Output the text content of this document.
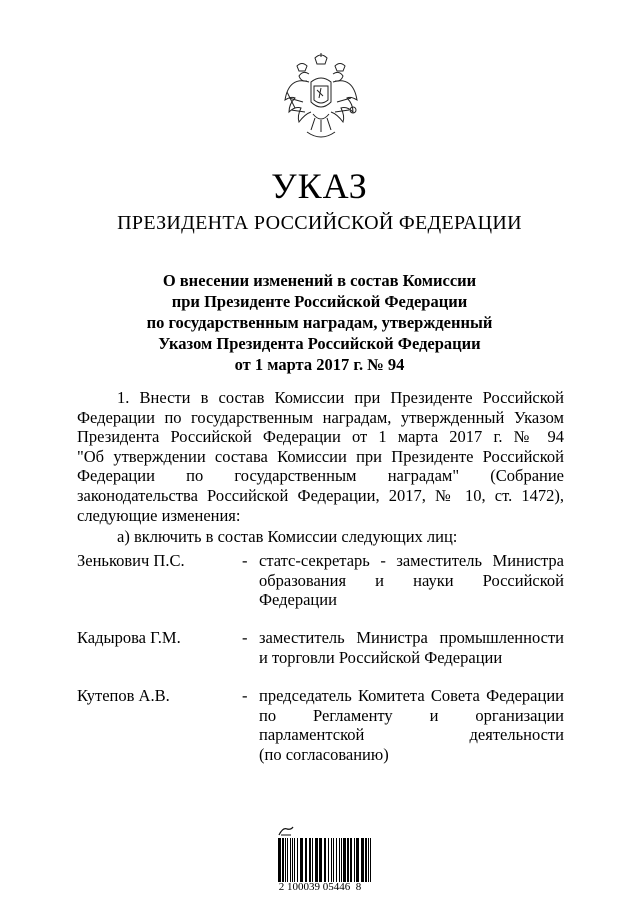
УКАЗ
ПРЕЗИДЕНТА РОССИЙСКОЙ ФЕДЕРАЦИИ
О внесении изменений в состав Комиссии
при Президенте Российской Федерации
по государственным наградам, утвержденный
Указом Президента Российской Федерации
от 1 марта 2017 г. № 94
1. Внести в состав Комиссии при Президенте Российской
Федерации по государственным наградам, утвержденный Указом
Президента Российской Федерации от 1 марта 2017 г. № 94
"Об утверждении состава Комиссии при Президенте Российской
Федерации по государственным наградам" (Собрание
законодательства Российской Федерации, 2017, № 10, ст. 1472),
следующие изменения:
а) включить в состав Комиссии следующих лиц:
Зенькович П.С.	- статс-секретарь - заместитель Министра
образования и науки Российской
Федерации
Кадырова Г.М.	- заместитель Министра промышленности
и торговли Российской Федерации
Кутепов А.В.	- председатель Комитета Совета Федерации
по Регламенту и организации
парламентской деятельности
(по согласованию)
2 100039 05446  8
